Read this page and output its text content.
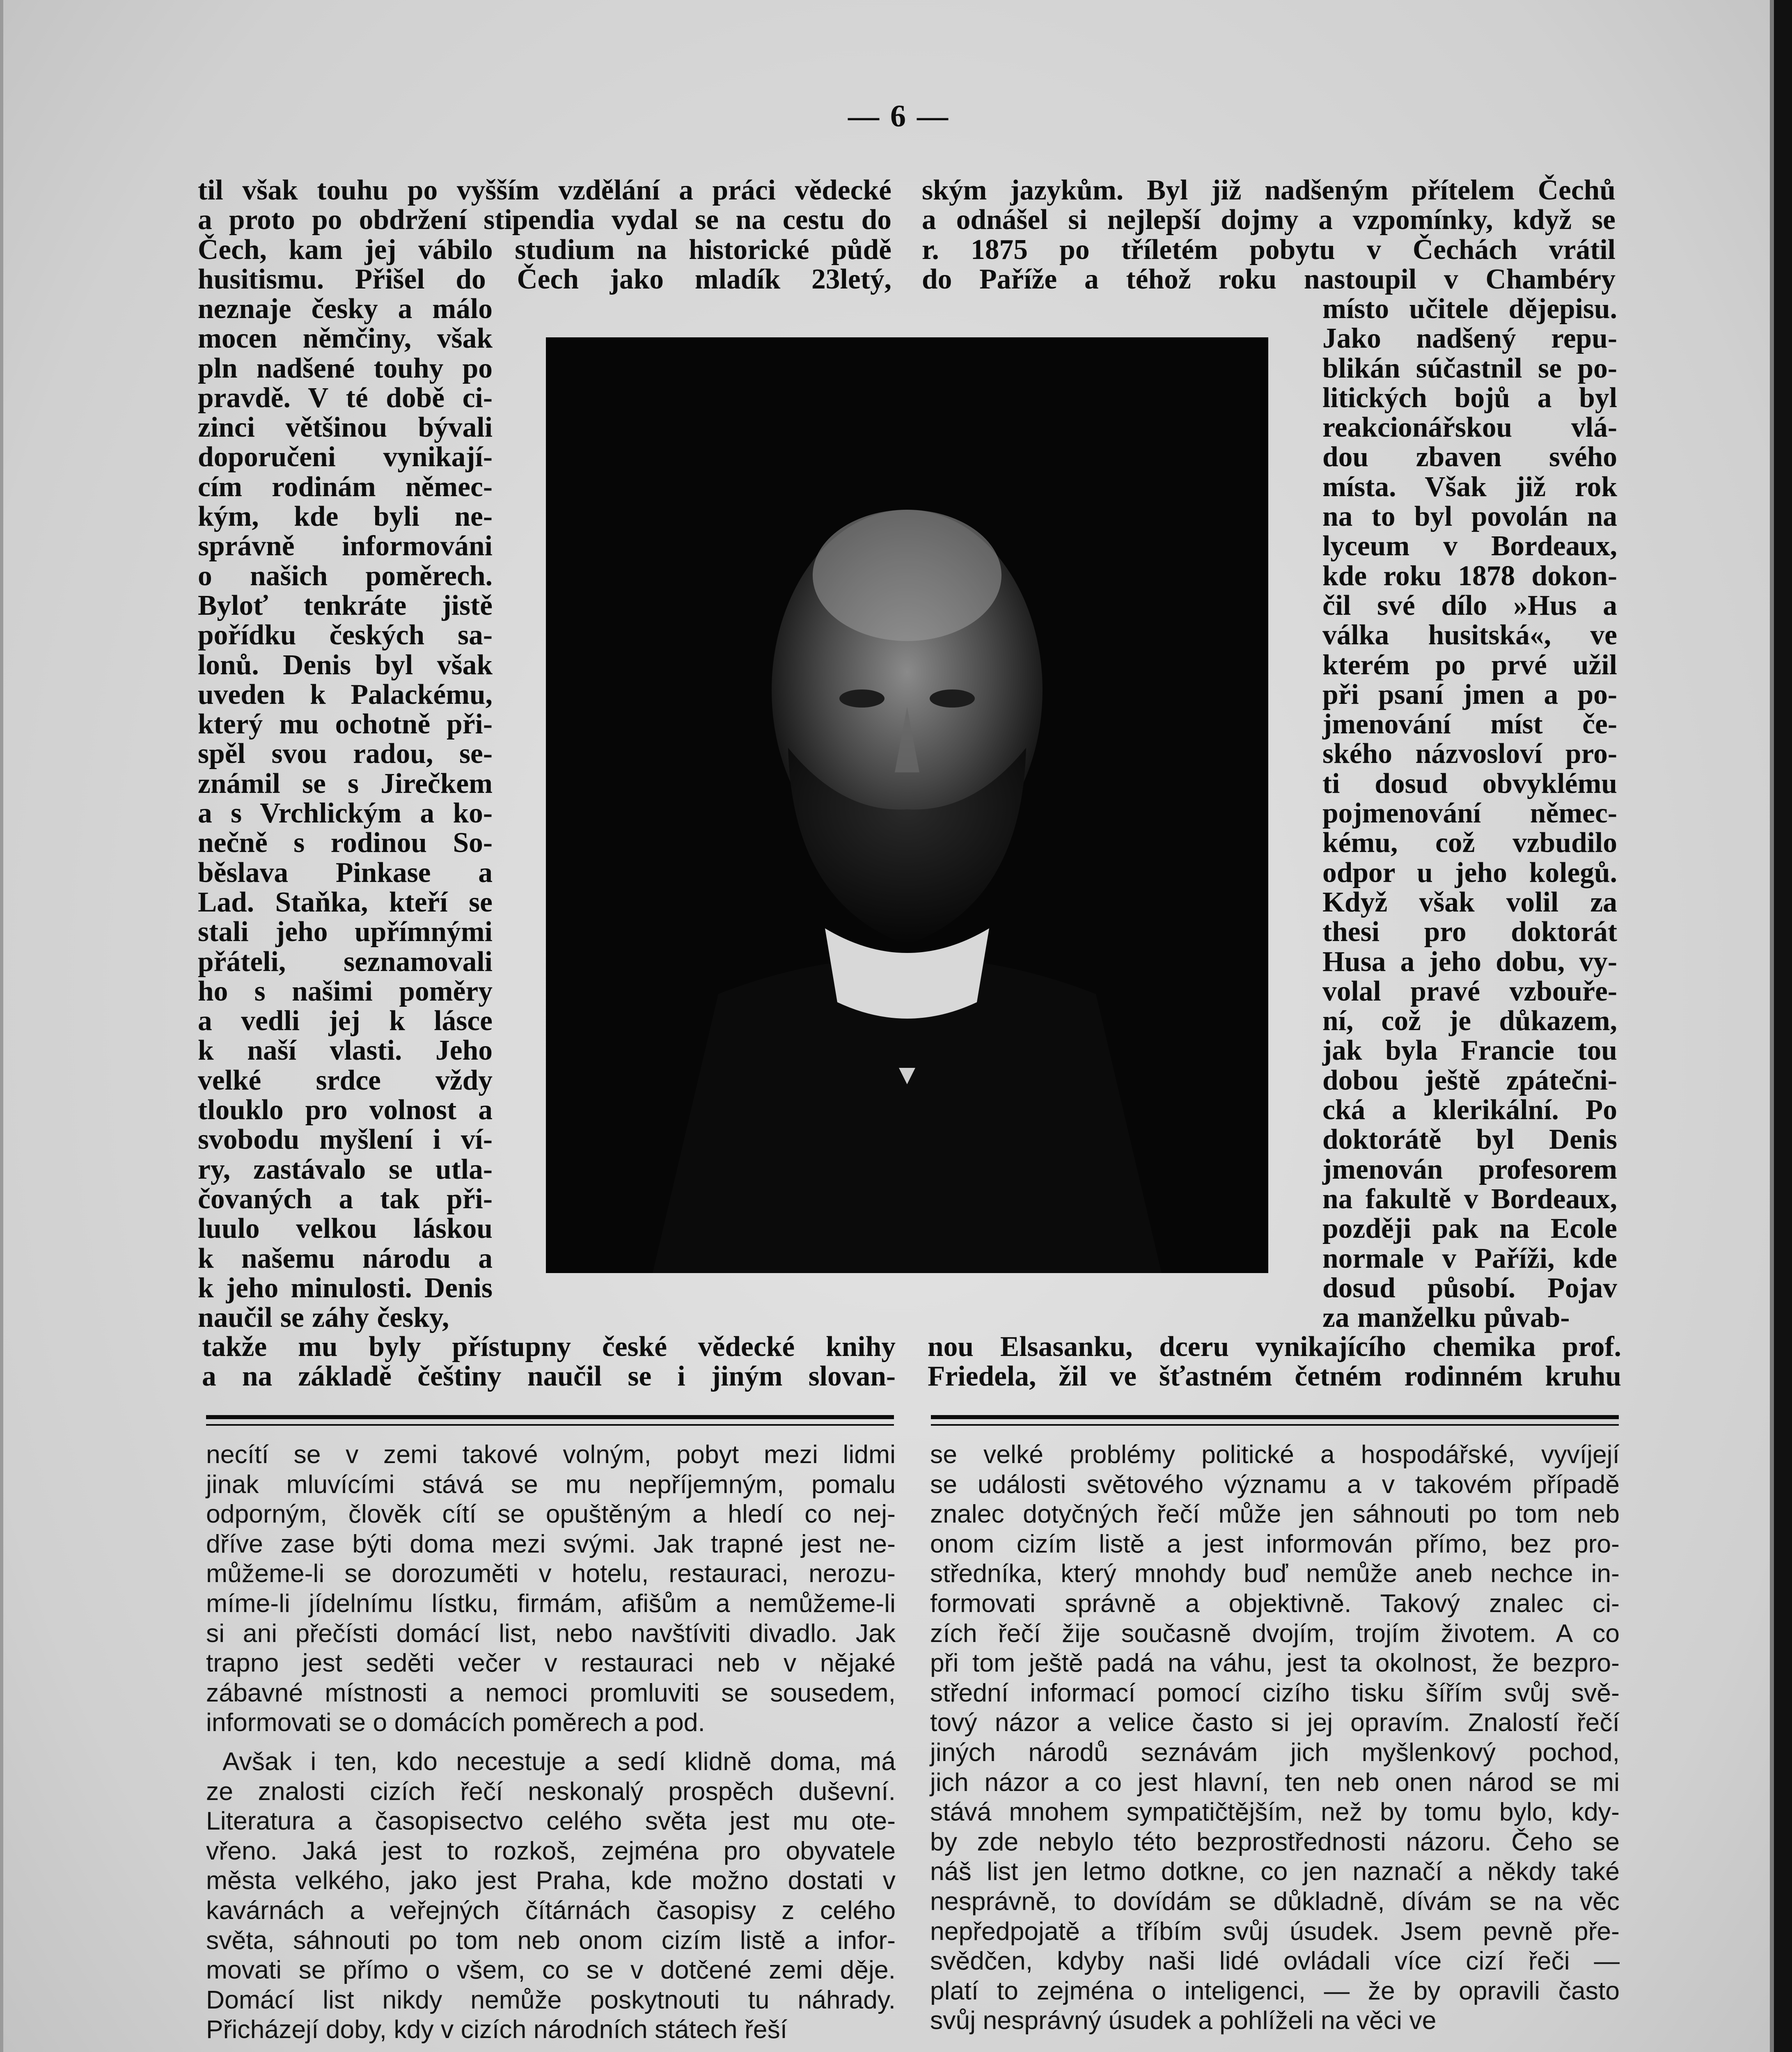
— 6 —
til však touhu po vyšším vzdělání a práci vědecké
a proto po obdržení stipendia vydal se na cestu do
Čech, kam jej vábilo studium na historické půdě
husitismu. Přišel do Čech jako mladík 23letý,
neznaje česky a málo
mocen němčiny, však
pln nadšené touhy po
pravdě. V té době ci-
zinci většinou bývali
doporučeni vynikají-
cím rodinám němec-
kým, kde byli ne-
správně informováni
o našich poměrech.
Byloť tenkráte jistě
pořídku českých sa-
lonů. Denis byl však
uveden k Palackému,
který mu ochotně při-
spěl svou radou, se-
známil se s Jirečkem
a s Vrchlickým a ko-
nečně s rodinou So-
běslava Pinkase a
Lad. Staňka, kteří se
stali jeho upřímnými
přáteli, seznamovali
ho s našimi poměry
a vedli jej k lásce
k naší vlasti. Jeho
velké srdce vždy
tlouklo pro volnost a
svobodu myšlení i ví-
ry, zastávalo se utla-
čovaných a tak při-
luulo velkou láskou
k našemu národu a
k jeho minulosti. Denis
naučil se záhy česky,
takže mu byly přístupny české vědecké knihy
a na základě češtiny naučil se i jiným slovan-
ským jazykům. Byl již nadšeným přítelem Čechů
a odnášel si nejlepší dojmy a vzpomínky, když se
r. 1875 po tříletém pobytu v Čechách vrátil
do Paříže a téhož roku nastoupil v Chambéry
místo učitele dějepisu.
Jako nadšený repu-
blikán súčastnil se po-
litických bojů a byl
reakcionářskou vlá-
dou zbaven svého
místa. Však již rok
na to byl povolán na
lyceum v Bordeaux,
kde roku 1878 dokon-
čil své dílo »Hus a
válka husitská«, ve
kterém po prvé užil
při psaní jmen a po-
jmenování míst če-
ského názvosloví pro-
ti dosud obvyklému
pojmenování němec-
kému, což vzbudilo
odpor u jeho kolegů.
Když však volil za
thesi pro doktorát
Husa a jeho dobu, vy-
volal pravé vzbouře-
ní, což je důkazem,
jak byla Francie tou
dobou ještě zpátečni-
cká a klerikální. Po
doktorátě byl Denis
jmenován profesorem
na fakultě v Bordeaux,
později pak na Ecole
normale v Paříži, kde
dosud působí. Pojav
za manželku půvab-
nou Elsasanku, dceru vynikajícího chemika prof.
Friedela, žil ve šťastném četném rodinném kruhu
necítí se v zemi takové volným, pobyt mezi lidmi
jinak mluvícími stává se mu nepříjemným, pomalu
odporným, člověk cítí se opuštěným a hledí co nej-
dříve zase býti doma mezi svými. Jak trapné jest ne-
můžeme-li se dorozuměti v hotelu, restauraci, nerozu-
míme-li jídelnímu lístku, firmám, afišům a nemůžeme-li
si ani přečísti domácí list, nebo navštíviti divadlo. Jak
trapno jest seděti večer v restauraci neb v nějaké
zábavné místnosti a nemoci promluviti se sousedem,
informovati se o domácích poměrech a pod.
Avšak i ten, kdo necestuje a sedí klidně doma, má
ze znalosti cizích řečí neskonalý prospěch duševní.
Literatura a časopisectvo celého světa jest mu ote-
vřeno. Jaká jest to rozkoš, zejména pro obyvatele
města velkého, jako jest Praha, kde možno dostati v
kavárnách a veřejných čítárnách časopisy z celého
světa, sáhnouti po tom neb onom cizím listě a infor-
movati se přímo o všem, co se v dotčené zemi děje.
Domácí list nikdy nemůže poskytnouti tu náhrady.
Přicházejí doby, kdy v cizích národních státech řeší
se velké problémy politické a hospodářské, vyvíjejí
se události světového významu a v takovém případě
znalec dotyčných řečí může jen sáhnouti po tom neb
onom cizím listě a jest informován přímo, bez pro-
středníka, který mnohdy buď nemůže aneb nechce in-
formovati správně a objektivně. Takový znalec ci-
zích řečí žije současně dvojím, trojím životem. A co
při tom ještě padá na váhu, jest ta okolnost, že bezpro-
střední informací pomocí cizího tisku šířím svůj svě-
tový názor a velice často si jej opravím. Znalostí řečí
jiných národů seznávám jich myšlenkový pochod,
jich názor a co jest hlavní, ten neb onen národ se mi
stává mnohem sympatičtějším, než by tomu bylo, kdy-
by zde nebylo této bezprostřednosti názoru. Čeho se
náš list jen letmo dotkne, co jen naznačí a někdy také
nesprávně, to dovídám se důkladně, dívám se na věc
nepředpojatě a tříbím svůj úsudek. Jsem pevně pře-
svědčen, kdyby naši lidé ovládali více cizí řeči —
platí to zejména o inteligenci, — že by opravili často
svůj nesprávný úsudek a pohlíželi na věci ve
